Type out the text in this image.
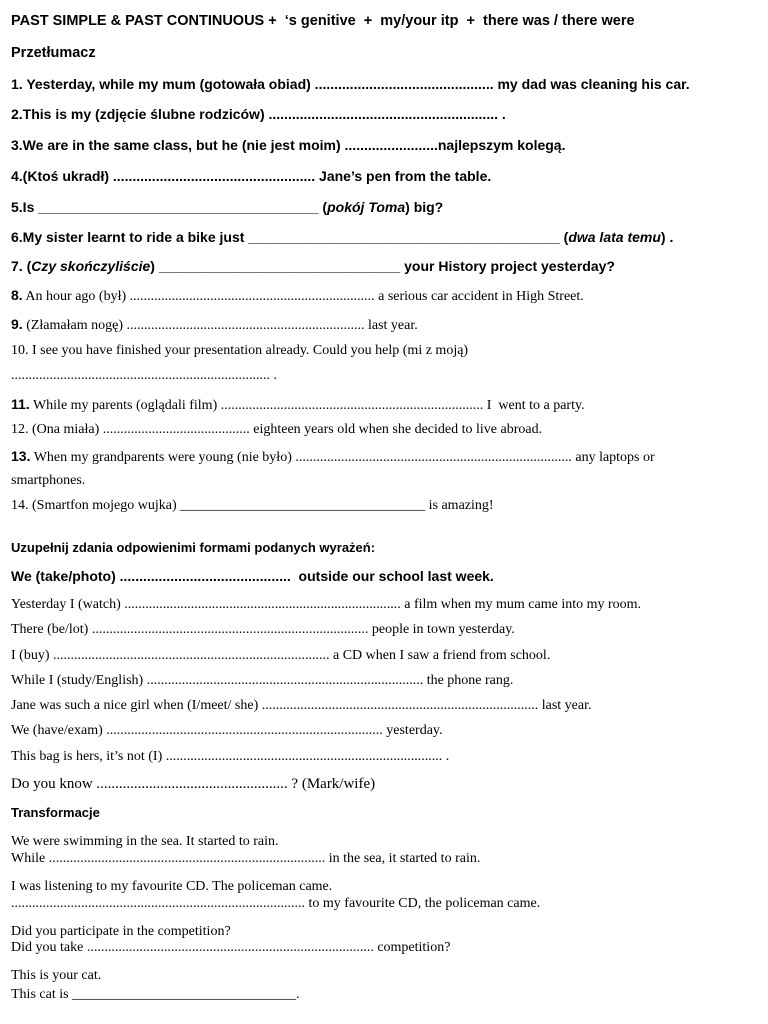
PAST SIMPLE & PAST CONTINUOUS +  ‘s genitive  +  my/your itp  +  there was / there were
Przetłumacz
1. Yesterday, while my mum (gotowała obiad) .............................................. my dad was cleaning his car.
2.This is my (zdjęcie ślubne rodziców) ........................................................... .
3.We are in the same class, but he (nie jest moim) ........................najlepszym kolegą.
4.(Ktoś ukradł) .................................................... Jane’s pen from the table.
5.Is ____________________________________ (pokój Toma) big?
6.My sister learnt to ride a bike just ________________________________________ (dwa lata temu) .
7. (Czy skończyliście) _______________________________ your History project yesterday?
8. An hour ago (był) ...................................................................... a serious car accident in High Street.
9. (Złamałam nogę) .................................................................... last year.
10. I see you have finished your presentation already. Could you help (mi z moją)
.......................................................................... .
11. While my parents (oglądali film) ........................................................................... I  went to a party.
12. (Ona miała) .......................................... eighteen years old when she decided to live abroad.
13. When my grandparents were young (nie było) ............................................................................... any laptops or
smartphones.
14. (Smartfon mojego wujka) ___________________________________ is amazing!
Uzupełnij zdania odpowienimi formami podanych wyrażeń:
We (take/photo) ............................................  outside our school last week.
Yesterday I (watch) ............................................................................... a film when my mum came into my room.
There (be/lot) ............................................................................... people in town yesterday.
I (buy) ............................................................................... a CD when I saw a friend from school.
While I (study/English) ............................................................................... the phone rang.
Jane was such a nice girl when (I/meet/ she) ............................................................................... last year.
We (have/exam) ............................................................................... yesterday.
This bag is hers, it’s not (I) ............................................................................... .
Do you know ................................................... ? (Mark/wife)
Transformacje
We were swimming in the sea. It started to rain.
While ............................................................................... in the sea, it started to rain.
I was listening to my favourite CD. The policeman came.
.................................................................................... to my favourite CD, the policeman came.
Did you participate in the competition?
Did you take .................................................................................. competition?
This is your cat.
This cat is ________________________________.
